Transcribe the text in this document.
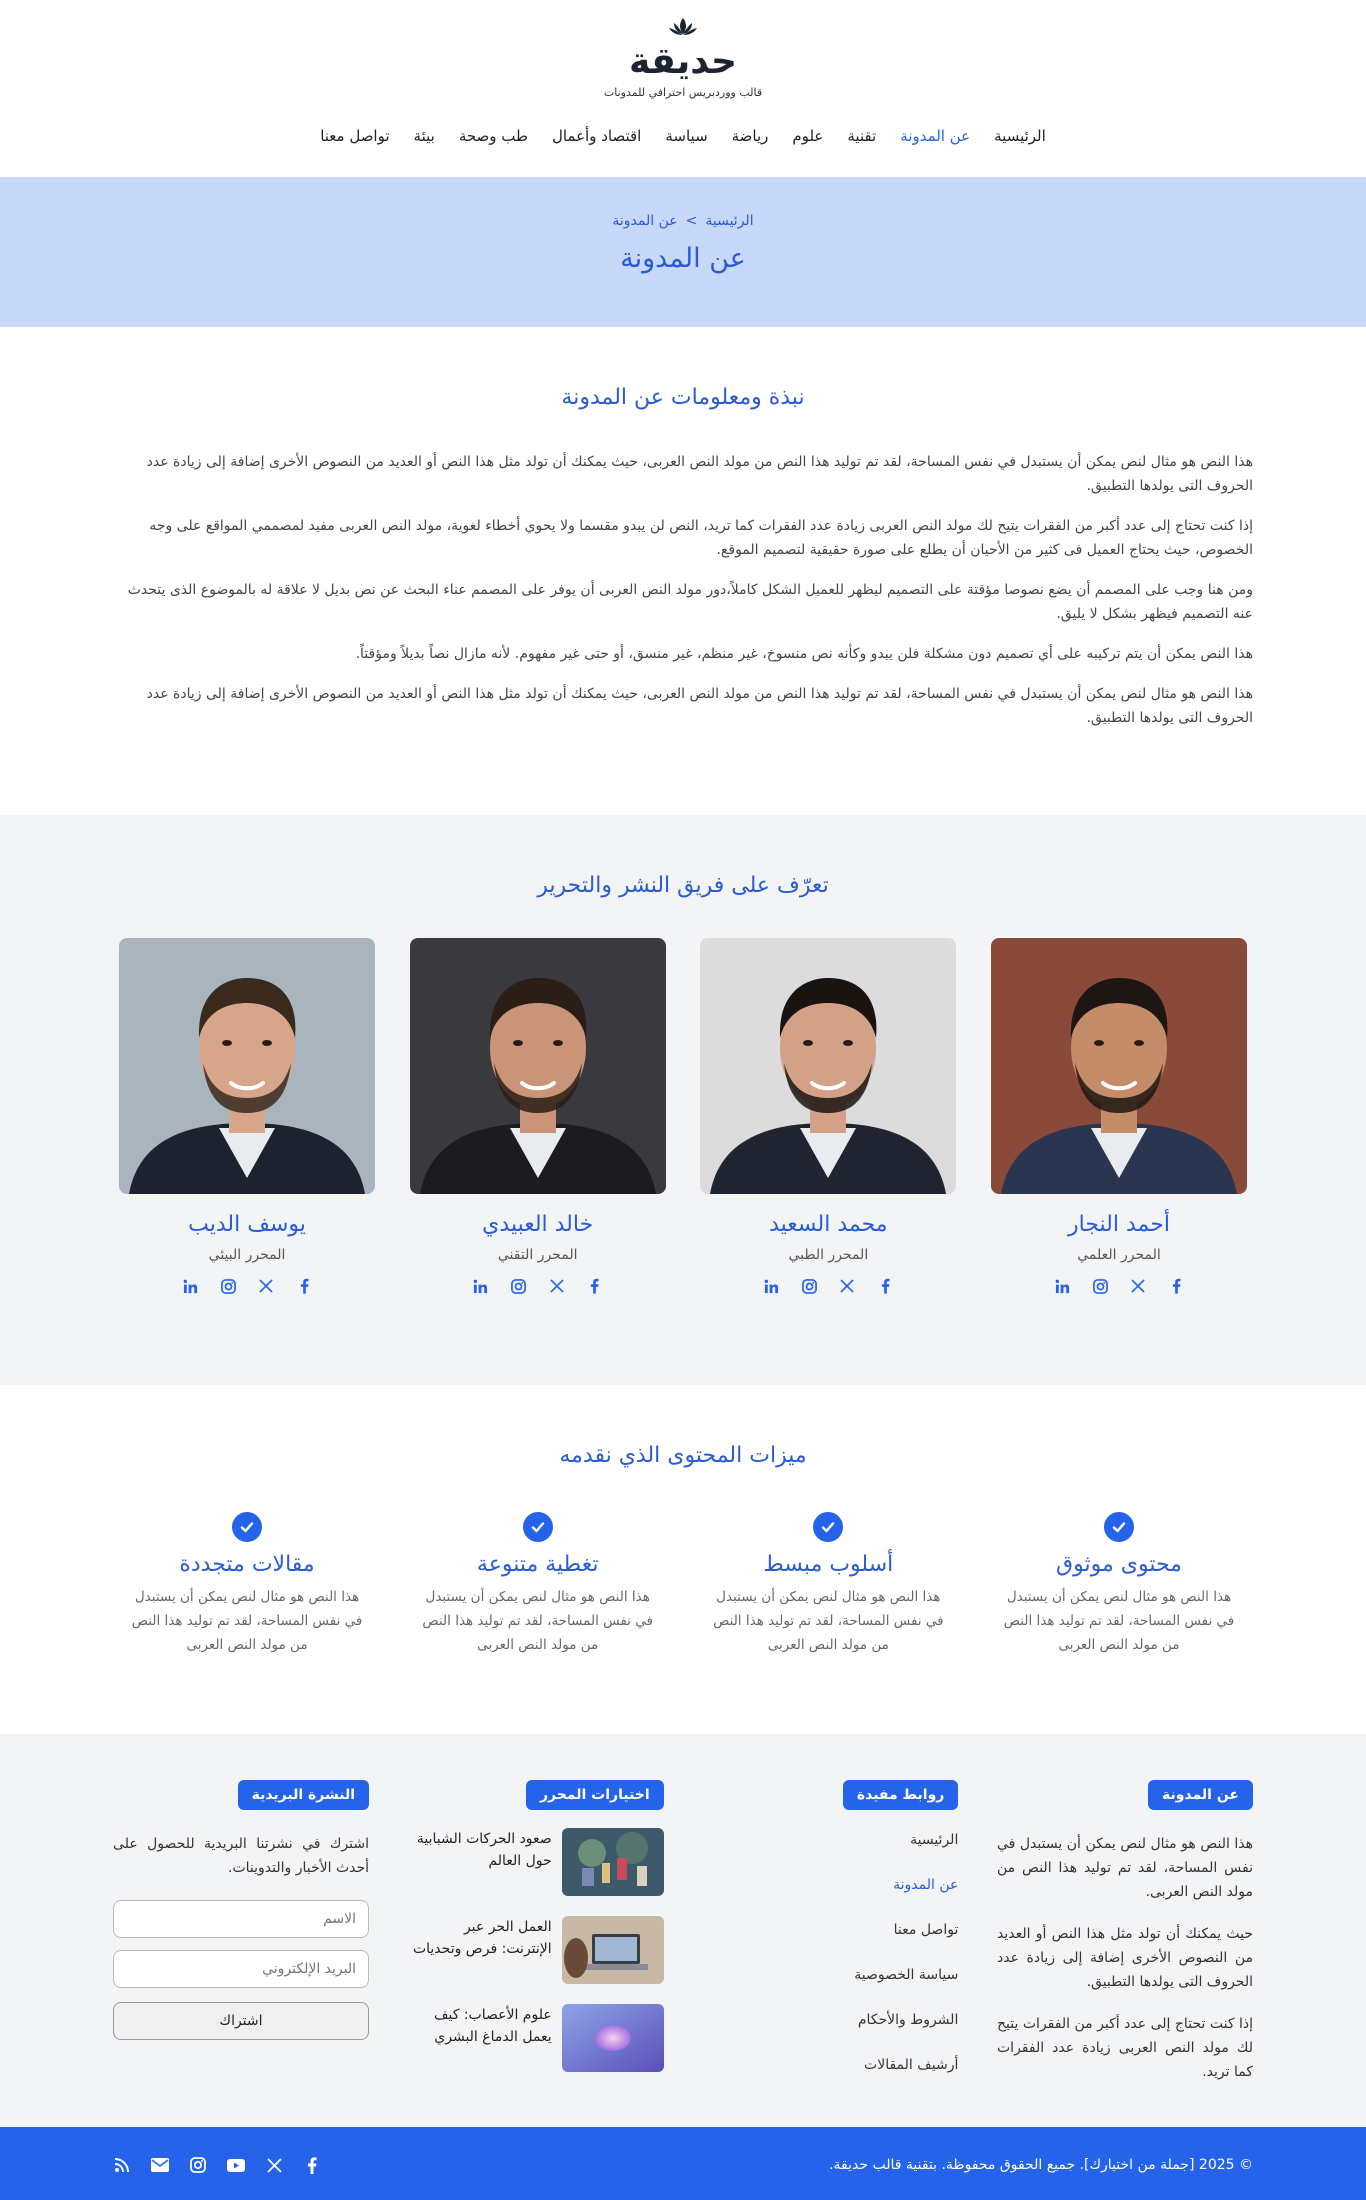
حديقة
قالب ووردبريس احترافي للمدونات
الرئيسية
عن المدونة
تقنية
علوم
رياضة
سياسة
اقتصاد وأعمال
طب وصحة
بيئة
تواصل معنا
الرئيسية>عن المدونة
عن المدونة
نبذة ومعلومات عن المدونة

هذا النص هو مثال لنص يمكن أن يستبدل في نفس المساحة، لقد تم توليد هذا النص من مولد النص العربى، حيث يمكنك أن تولد مثل هذا النص أو العديد من النصوص الأخرى إضافة إلى زيادة عدد الحروف التى يولدها التطبيق.

إذا كنت تحتاج إلى عدد أكبر من الفقرات يتيح لك مولد النص العربى زيادة عدد الفقرات كما تريد، النص لن يبدو مقسما ولا يحوي أخطاء لغوية، مولد النص العربى مفيد لمصممي المواقع على وجه الخصوص، حيث يحتاج العميل فى كثير من الأحيان أن يطلع على صورة حقيقية لتصميم الموقع.

ومن هنا وجب على المصمم أن يضع نصوصا مؤقتة على التصميم ليظهر للعميل الشكل كاملاً،دور مولد النص العربى أن يوفر على المصمم عناء البحث عن نص بديل لا علاقة له بالموضوع الذى يتحدث عنه التصميم فيظهر بشكل لا يليق.

هذا النص يمكن أن يتم تركيبه على أي تصميم دون مشكلة فلن يبدو وكأنه نص منسوخ، غير منظم، غير منسق، أو حتى غير مفهوم. لأنه مازال نصاً بديلاً ومؤقتاً.

هذا النص هو مثال لنص يمكن أن يستبدل في نفس المساحة، لقد تم توليد هذا النص من مولد النص العربى، حيث يمكنك أن تولد مثل هذا النص أو العديد من النصوص الأخرى إضافة إلى زيادة عدد الحروف التى يولدها التطبيق.

تعرّف على فريق النشر والتحرير
أحمد النجار
المحرر العلمي
محمد السعيد
المحرر الطبي
خالد العبيدي
المحرر التقني
يوسف الديب
المحرر البيئي
ميزات المحتوى الذي نقدمه
محتوى موثوق

هذا النص هو مثال لنص يمكن أن يستبدل في نفس المساحة، لقد تم توليد هذا النص من مولد النص العربى

أسلوب مبسط

هذا النص هو مثال لنص يمكن أن يستبدل في نفس المساحة، لقد تم توليد هذا النص من مولد النص العربى

تغطية متنوعة

هذا النص هو مثال لنص يمكن أن يستبدل في نفس المساحة، لقد تم توليد هذا النص من مولد النص العربى

مقالات متجددة

هذا النص هو مثال لنص يمكن أن يستبدل في نفس المساحة، لقد تم توليد هذا النص من مولد النص العربى

عن المدونة

هذا النص هو مثال لنص يمكن أن يستبدل في نفس المساحة، لقد تم توليد هذا النص من مولد النص العربى.

حيث يمكنك أن تولد مثل هذا النص أو العديد من النصوص الأخرى إضافة إلى زيادة عدد الحروف التى يولدها التطبيق.

إذا كنت تحتاج إلى عدد أكبر من الفقرات يتيح لك مولد النص العربى زيادة عدد الفقرات كما تريد.

روابط مفيدة
الرئيسية
عن المدونة
تواصل معنا
سياسة الخصوصية
الشروط والأحكام
أرشيف المقالات
اختيارات المحرر
صعود الحركات الشبابية حول العالم
العمل الحر عبر الإنترنت: فرص وتحديات
علوم الأعصاب: كيف يعمل الدماغ البشري
النشرة البريدية

اشترك في نشرتنا البريدية للحصول على أحدث الأخبار والتدوينات.

الاسم البريد الإلكتروني اشتراك
© 2025 [جملة من اختيارك]. جميع الحقوق محفوظة. بتقنية قالب حديقة.
